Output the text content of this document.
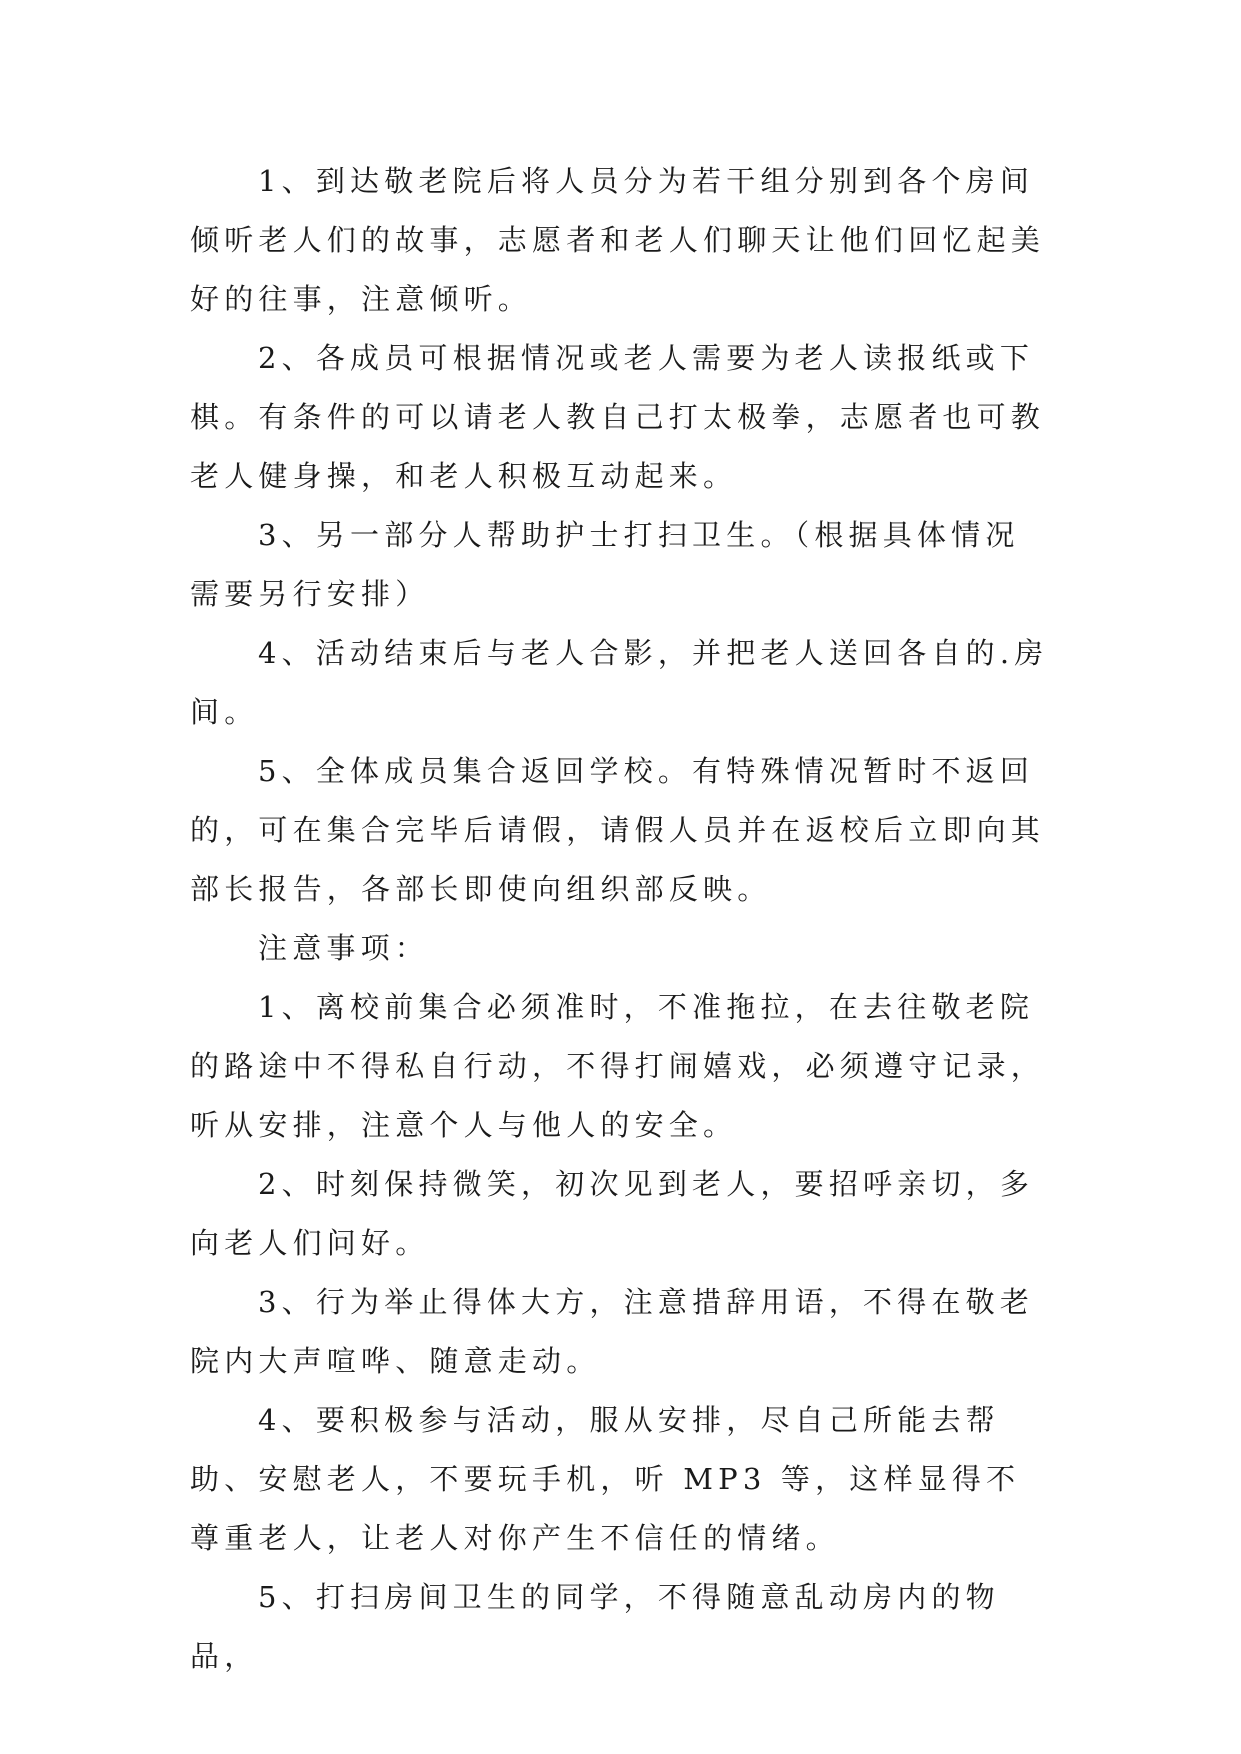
1、到达敬老院后将人员分为若干组分别到各个房间倾听老人们的故事，志愿者和老人们聊天让他们回忆起美好的往事，注意倾听。

2、各成员可根据情况或老人需要为老人读报纸或下棋。有条件的可以请老人教自己打太极拳，志愿者也可教老人健身操，和老人积极互动起来。

3、另一部分人帮助护士打扫卫生。（根据具体情况需要另行安排）

4、活动结束后与老人合影，并把老人送回各自的.房间。

5、全体成员集合返回学校。有特殊情况暂时不返回的，可在集合完毕后请假，请假人员并在返校后立即向其部长报告，各部长即使向组织部反映。

注意事项：

1、离校前集合必须准时，不准拖拉，在去往敬老院的路途中不得私自行动，不得打闹嬉戏，必须遵守记录，听从安排，注意个人与他人的安全。

2、时刻保持微笑，初次见到老人，要招呼亲切，多向老人们问好。

3、行为举止得体大方，注意措辞用语，不得在敬老院内大声喧哗、随意走动。

4、要积极参与活动，服从安排，尽自己所能去帮助、安慰老人，不要玩手机，听 MP3 等，这样显得不尊重老人，让老人对你产生不信任的情绪。

5、打扫房间卫生的同学，不得随意乱动房内的物品，
